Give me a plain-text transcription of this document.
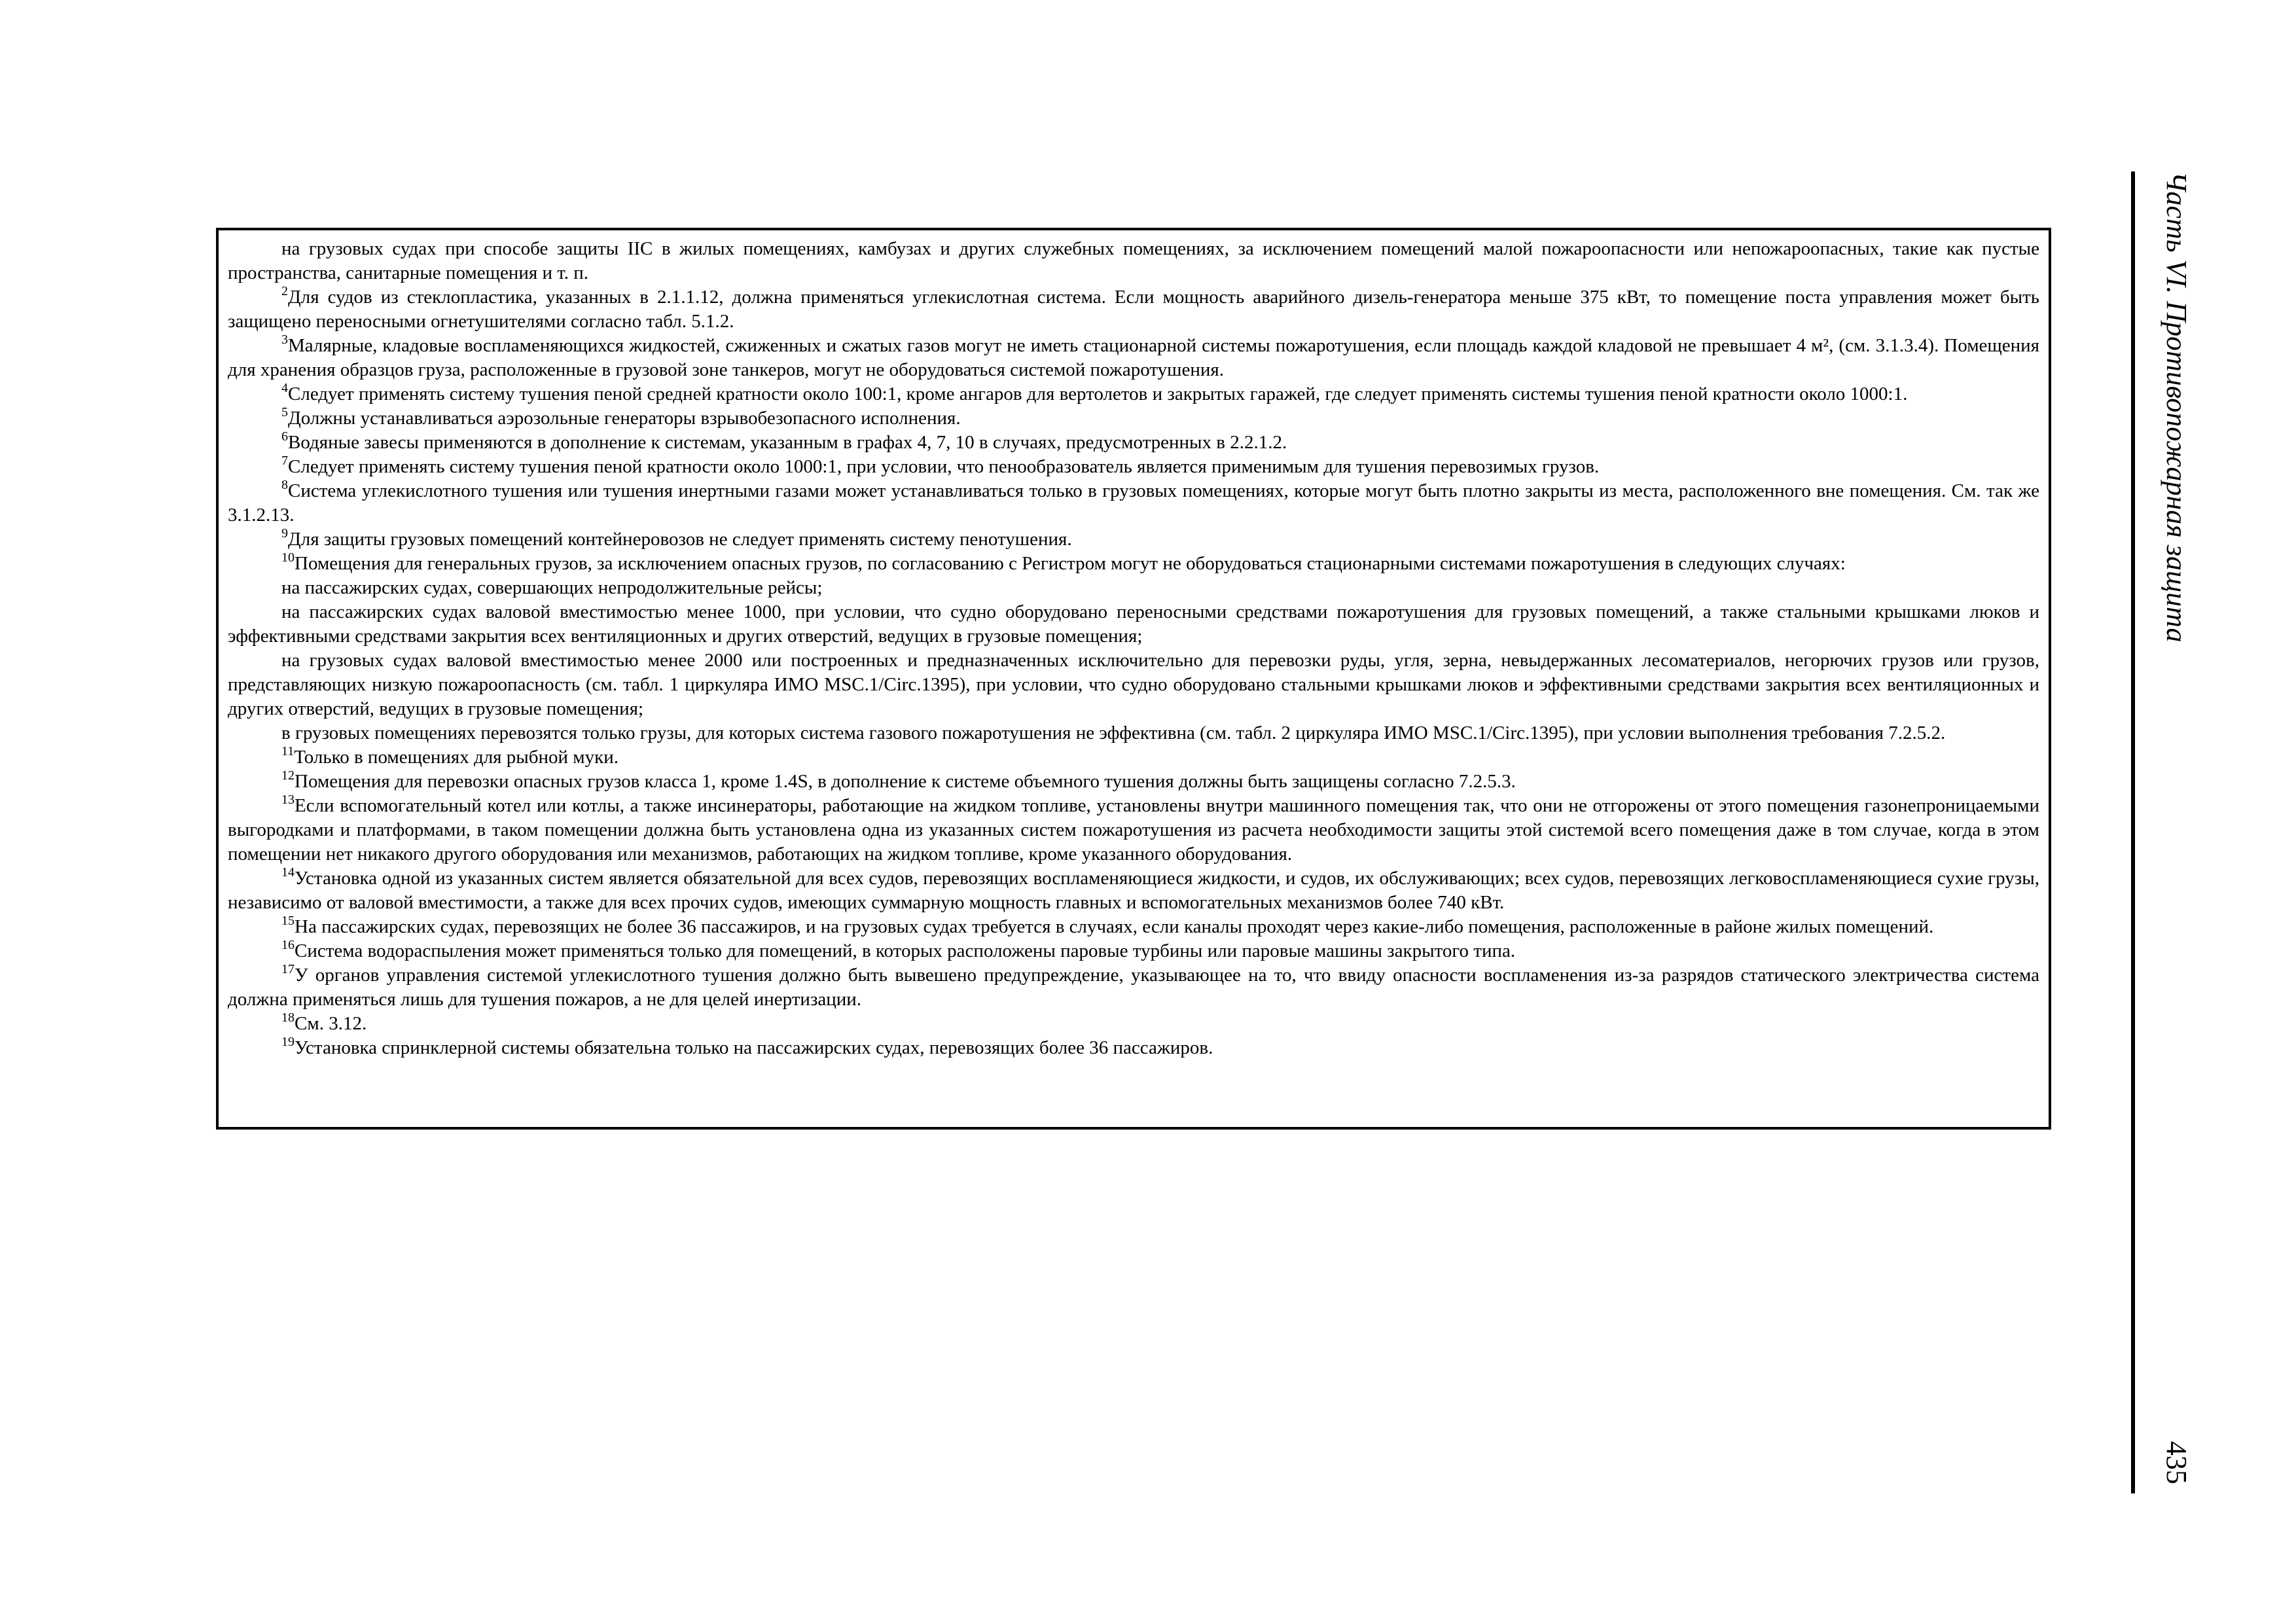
на грузовых судах при способе защиты IIC в жилых помещениях, камбузах и других служебных помещениях, за исключением помещений малой пожароопасности или непожароопасных, такие как пустые пространства, санитарные помещения и т. п.

$^2$Для судов из стеклопластика, указанных в 2.1.1.12, должна применяться углекислотная система. Если мощность аварийного дизель-генератора меньше 375 кВт, то помещение поста управления может быть защищено переносными огнетушителями согласно табл. 5.1.2.

$^3$Малярные, кладовые воспламеняющихся жидкостей, сжиженных и сжатых газов могут не иметь стационарной системы пожаротушения, если площадь каждой кладовой не превышает 4 м², (см. 3.1.3.4). Помещения для хранения образцов груза, расположенные в грузовой зоне танкеров, могут не оборудоваться системой пожаротушения.

$^4$Следует применять систему тушения пеной средней кратности около 100:1, кроме ангаров для вертолетов и закрытых гаражей, где следует применять системы тушения пеной кратности около 1000:1.

$^5$Должны устанавливаться аэрозольные генераторы взрывобезопасного исполнения.

$^6$Водяные завесы применяются в дополнение к системам, указанным в графах 4, 7, 10 в случаях, предусмотренных в 2.2.1.2.

$^7$Следует применять систему тушения пеной кратности около 1000:1, при условии, что пенообразователь является применимым для тушения перевозимых грузов.

$^8$Система углекислотного тушения или тушения инертными газами может устанавливаться только в грузовых помещениях, которые могут быть плотно закрыты из места, расположенного вне помещения. См. так же 3.1.2.13.

$^9$Для защиты грузовых помещений контейнеровозов не следует применять систему пенотушения.

$^{10}$Помещения для генеральных грузов, за исключением опасных грузов, по согласованию с Регистром могут не оборудоваться стационарными системами пожаротушения в следующих случаях:

на пассажирских судах, совершающих непродолжительные рейсы;

на пассажирских судах валовой вместимостью менее 1000, при условии, что судно оборудовано переносными средствами пожаротушения для грузовых помещений, а также стальными крышками люков и эффективными средствами закрытия всех вентиляционных и других отверстий, ведущих в грузовые помещения;

на грузовых судах валовой вместимостью менее 2000 или построенных и предназначенных исключительно для перевозки руды, угля, зерна, невыдержанных лесоматериалов, негорючих грузов или грузов, представляющих низкую пожароопасность (см. табл. 1 циркуляра ИМО MSC.1/Circ.1395), при условии, что судно оборудовано стальными крышками люков и эффективными средствами закрытия всех вентиляционных и других отверстий, ведущих в грузовые помещения;

в грузовых помещениях перевозятся только грузы, для которых система газового пожаротушения не эффективна (см. табл. 2 циркуляра ИМО MSC.1/Circ.1395), при условии выполнения требования 7.2.5.2.

$^{11}$Только в помещениях для рыбной муки.

$^{12}$Помещения для перевозки опасных грузов класса 1, кроме 1.4S, в дополнение к системе объемного тушения должны быть защищены согласно 7.2.5.3.

$^{13}$Если вспомогательный котел или котлы, а также инсинераторы, работающие на жидком топливе, установлены внутри машинного помещения так, что они не отгорожены от этого помещения газонепроницаемыми выгородками и платформами, в таком помещении должна быть установлена одна из указанных систем пожаротушения из расчета необходимости защиты этой системой всего помещения даже в том случае, когда в этом помещении нет никакого другого оборудования или механизмов, работающих на жидком топливе, кроме указанного оборудования.

$^{14}$Установка одной из указанных систем является обязательной для всех судов, перевозящих воспламеняющиеся жидкости, и судов, их обслуживающих; всех судов, перевозящих легковоспламеняющиеся сухие грузы, независимо от валовой вместимости, а также для всех прочих судов, имеющих суммарную мощность главных и вспомогательных механизмов более 740 кВт.

$^{15}$На пассажирских судах, перевозящих не более 36 пассажиров, и на грузовых судах требуется в случаях, если каналы проходят через какие-либо помещения, расположенные в районе жилых помещений.

$^{16}$Система водораспыления может применяться только для помещений, в которых расположены паровые турбины или паровые машины закрытого типа.

$^{17}$У органов управления системой углекислотного тушения должно быть вывешено предупреждение, указывающее на то, что ввиду опасности воспламенения из-за разрядов статического электричества система должна применяться лишь для тушения пожаров, а не для целей инертизации.

$^{18}$См. 3.12.

$^{19}$Установка спринклерной системы обязательна только на пассажирских судах, перевозящих более 36 пассажиров.

Часть VI. Противопожарная защита
435
